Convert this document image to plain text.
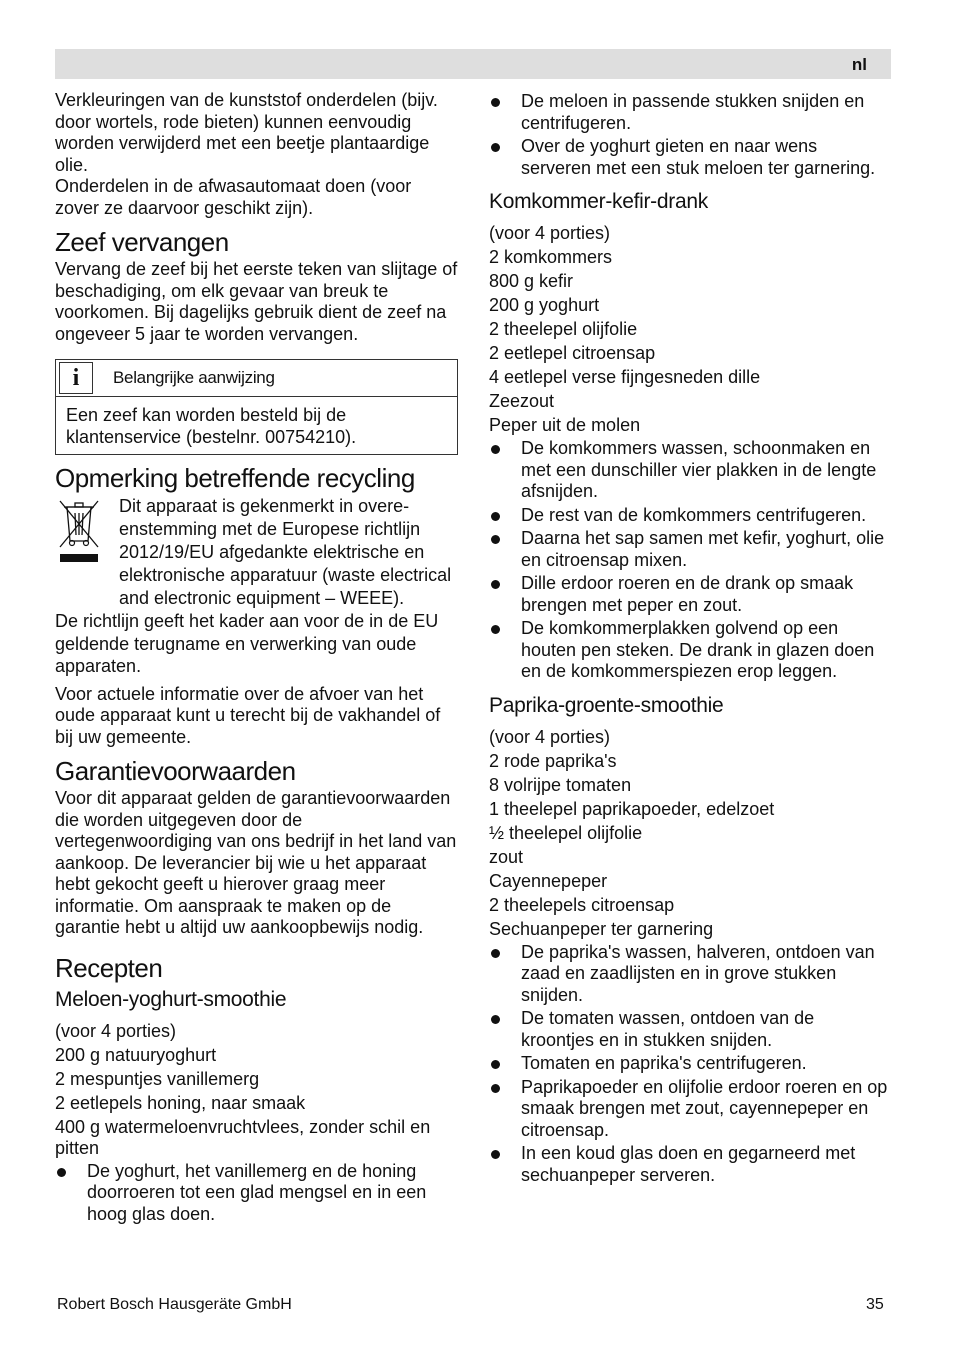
nl

Verkleuringen van de kunststof onderdelen (bijv. door wortels, rode bieten) kunnen eenvoudig worden verwijderd met een beetje plantaardige olie.

Onderdelen in de afwasautomaat doen (voor zover ze daarvoor geschikt zijn).

Zeef vervangen

Vervang de zeef bij het eerste teken van slijtage of beschadiging, om elk gevaar van breuk te voorkomen. Bij dagelijks gebruik dient de zeef na ongeveer 5 jaar te worden vervangen.

i	Belangrijke aanwijzing
Een zeef kan worden besteld bij de klantenservice (bestelnr. 00754210).
Opmerking betreffende recycling
Dit apparaat is gekenmerkt in overeenstemming met de Europese richtlijn 2012/19/EU afgedankte elektrische en elektronische apparatuur (waste electrical and electronic equipment – WEEE).

De richtlijn geeft het kader aan voor de in de EU geldende terugname en verwerking van oude apparaten.

Voor actuele informatie over de afvoer van het oude apparaat kunt u terecht bij de vakhandel of bij uw gemeente.

Garantievoorwaarden

Voor dit apparaat gelden de garantievoorwaarden die worden uitgegeven door de vertegenwoordiging van ons bedrijf in het land van aankoop. De leverancier bij wie u het apparaat hebt gekocht geeft u hierover graag meer informatie. Om aanspraak te maken op de garantie hebt u altijd uw aankoopbewijs nodig.

Recepten
Meloen-yoghurt-smoothie

(voor 4 porties)

200 g natuuryoghurt

2 mespuntjes vanillemerg

2 eetlepels honing, naar smaak

400 g watermeloenvruchtvlees, zonder schil en pitten

De yoghurt, het vanillemerg en de honing doorroeren tot een glad mengsel en in een hoog glas doen.
De meloen in passende stukken snijden en centrifugeren.
Over de yoghurt gieten en naar wens serveren met een stuk meloen ter garnering.
Komkommer-kefir-drank

(voor 4 porties)

2 komkommers

800 g kefir

200 g yoghurt

2 theelepel olijfolie

2 eetlepel citroensap

4 eetlepel verse fijngesneden dille

Zeezout

Peper uit de molen

De komkommers wassen, schoonmaken en met een dunschiller vier plakken in de lengte afsnijden.
De rest van de komkommers centrifugeren.
Daarna het sap samen met kefir, yoghurt, olie en citroensap mixen.
Dille erdoor roeren en de drank op smaak brengen met peper en zout.
De komkommerplakken golvend op een houten pen steken. De drank in glazen doen en de komkommerspiezen erop leggen.
Paprika-groente-smoothie

(voor 4 porties)

2 rode paprika's

8 volrijpe tomaten

1 theelepel paprikapoeder, edelzoet

½ theelepel olijfolie

zout

Cayennepeper

2 theelepels citroensap

Sechuanpeper ter garnering

De paprika's wassen, halveren, ontdoen van zaad en zaadlijsten en in grove stukken snijden.
De tomaten wassen, ontdoen van de kroontjes en in stukken snijden.
Tomaten en paprika's centrifugeren.
Paprikapoeder en olijfolie erdoor roeren en op smaak brengen met zout, cayennepeper en citroensap.
In een koud glas doen en gegarneerd met sechuanpeper serveren.
Robert Bosch Hausgeräte GmbH	35
